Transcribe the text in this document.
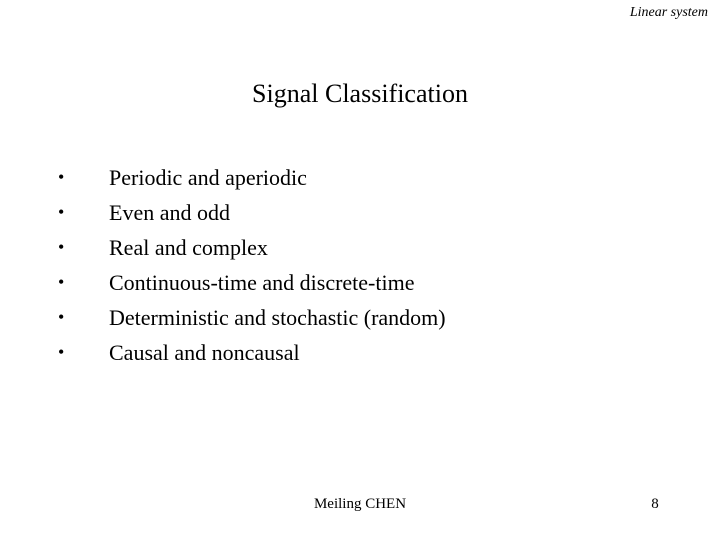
Linear system
Signal Classification
• Periodic and aperiodic
• Even and odd
• Real and complex
• Continuous-time and discrete-time
• Deterministic and stochastic (random)
• Causal and noncausal
Meiling CHEN	8
